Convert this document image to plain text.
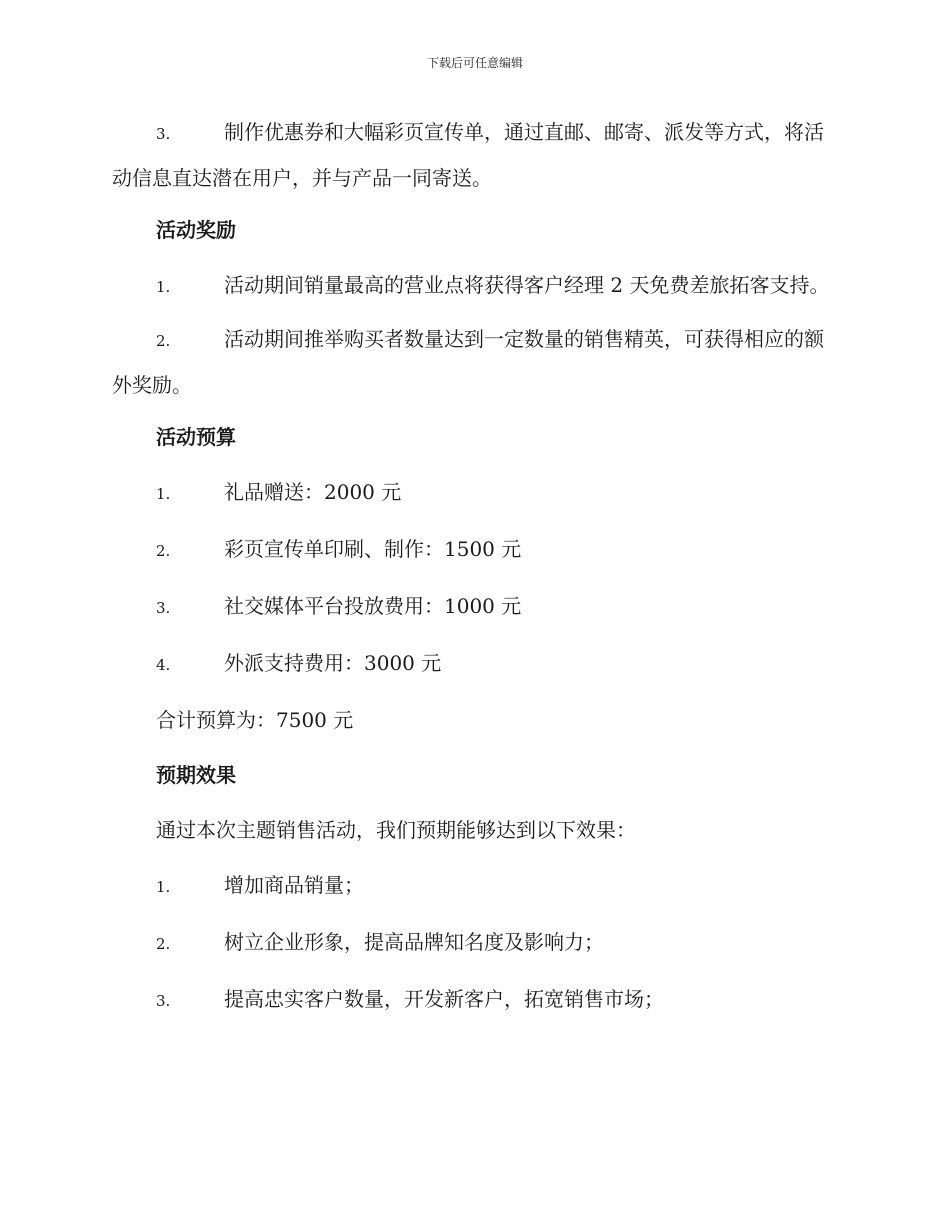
下载后可任意编辑

3.	制作优惠券和大幅彩页宣传单，通过直邮、邮寄、派发等方式，将活动信息直达潜在用户，并与产品一同寄送。

活动奖励

1.	活动期间销量最高的营业点将获得客户经理 2 天免费差旅拓客支持。

2.	活动期间推举购买者数量达到一定数量的销售精英，可获得相应的额外奖励。

活动预算
1.	礼品赠送：2000 元
2.	彩页宣传单印刷、制作：1500 元
3.	社交媒体平台投放费用：1000 元
4.	外派支持费用：3000 元
合计预算为：7500 元
预期效果
通过本次主题销售活动，我们预期能够达到以下效果：
1.	增加商品销量；
2.	树立企业形象，提高品牌知名度及影响力；
3.	提高忠实客户数量，开发新客户，拓宽销售市场；
